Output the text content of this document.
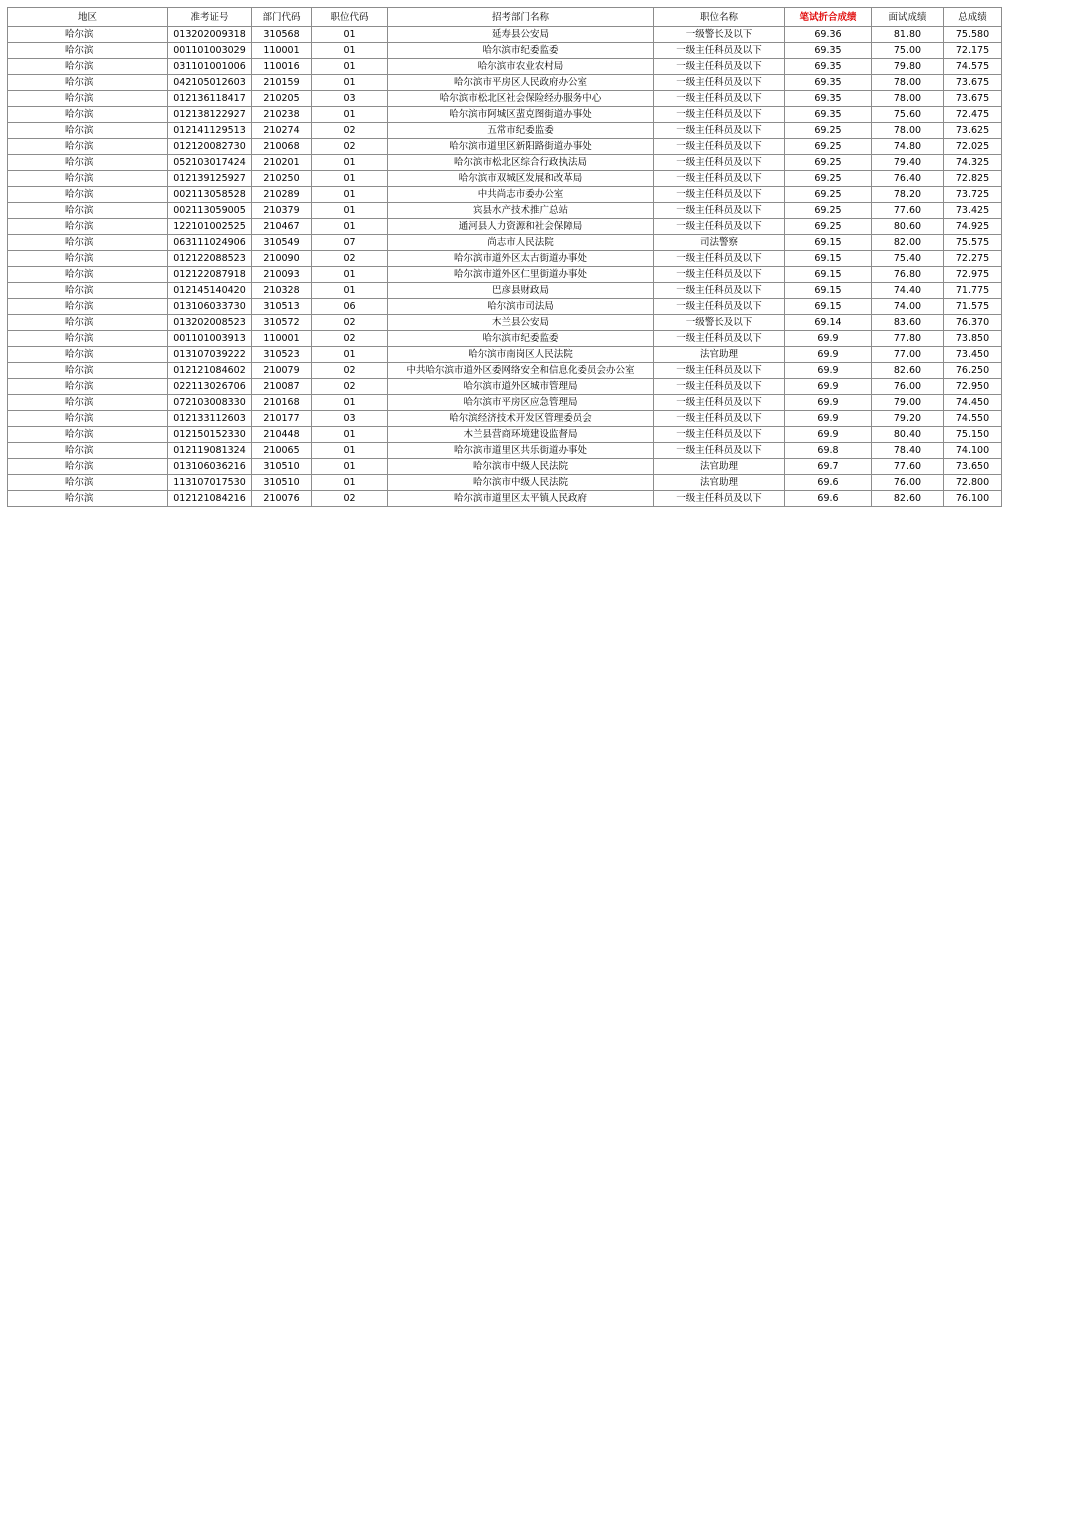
地区	准考证号	部门代码	职位代码	招考部门名称	职位名称	笔试折合成绩	面试成绩	总成绩
哈尔滨	013202009318	310568	01	延寿县公安局	一级警长及以下	69.36	81.80	75.580
哈尔滨	001101003029	110001	01	哈尔滨市纪委监委	一级主任科员及以下	69.35	75.00	72.175
哈尔滨	031101001006	110016	01	哈尔滨市农业农村局	一级主任科员及以下	69.35	79.80	74.575
哈尔滨	042105012603	210159	01	哈尔滨市平房区人民政府办公室	一级主任科员及以下	69.35	78.00	73.675
哈尔滨	012136118417	210205	03	哈尔滨市松北区社会保险经办服务中心	一级主任科员及以下	69.35	78.00	73.675
哈尔滨	012138122927	210238	01	哈尔滨市阿城区蜚克图街道办事处	一级主任科员及以下	69.35	75.60	72.475
哈尔滨	012141129513	210274	02	五常市纪委监委	一级主任科员及以下	69.25	78.00	73.625
哈尔滨	012120082730	210068	02	哈尔滨市道里区新阳路街道办事处	一级主任科员及以下	69.25	74.80	72.025
哈尔滨	052103017424	210201	01	哈尔滨市松北区综合行政执法局	一级主任科员及以下	69.25	79.40	74.325
哈尔滨	012139125927	210250	01	哈尔滨市双城区发展和改革局	一级主任科员及以下	69.25	76.40	72.825
哈尔滨	002113058528	210289	01	中共尚志市委办公室	一级主任科员及以下	69.25	78.20	73.725
哈尔滨	002113059005	210379	01	宾县水产技术推广总站	一级主任科员及以下	69.25	77.60	73.425
哈尔滨	122101002525	210467	01	通河县人力资源和社会保障局	一级主任科员及以下	69.25	80.60	74.925
哈尔滨	063111024906	310549	07	尚志市人民法院	司法警察	69.15	82.00	75.575
哈尔滨	012122088523	210090	02	哈尔滨市道外区太古街道办事处	一级主任科员及以下	69.15	75.40	72.275
哈尔滨	012122087918	210093	01	哈尔滨市道外区仁里街道办事处	一级主任科员及以下	69.15	76.80	72.975
哈尔滨	012145140420	210328	01	巴彦县财政局	一级主任科员及以下	69.15	74.40	71.775
哈尔滨	013106033730	310513	06	哈尔滨市司法局	一级主任科员及以下	69.15	74.00	71.575
哈尔滨	013202008523	310572	02	木兰县公安局	一级警长及以下	69.14	83.60	76.370
哈尔滨	001101003913	110001	02	哈尔滨市纪委监委	一级主任科员及以下	69.9	77.80	73.850
哈尔滨	013107039222	310523	01	哈尔滨市南岗区人民法院	法官助理	69.9	77.00	73.450
哈尔滨	012121084602	210079	02	中共哈尔滨市道外区委网络安全和信息化委员会办公室	一级主任科员及以下	69.9	82.60	76.250
哈尔滨	022113026706	210087	02	哈尔滨市道外区城市管理局	一级主任科员及以下	69.9	76.00	72.950
哈尔滨	072103008330	210168	01	哈尔滨市平房区应急管理局	一级主任科员及以下	69.9	79.00	74.450
哈尔滨	012133112603	210177	03	哈尔滨经济技术开发区管理委员会	一级主任科员及以下	69.9	79.20	74.550
哈尔滨	012150152330	210448	01	木兰县营商环境建设监督局	一级主任科员及以下	69.9	80.40	75.150
哈尔滨	012119081324	210065	01	哈尔滨市道里区共乐街道办事处	一级主任科员及以下	69.8	78.40	74.100
哈尔滨	013106036216	310510	01	哈尔滨市中级人民法院	法官助理	69.7	77.60	73.650
哈尔滨	113107017530	310510	01	哈尔滨市中级人民法院	法官助理	69.6	76.00	72.800
哈尔滨	012121084216	210076	02	哈尔滨市道里区太平镇人民政府	一级主任科员及以下	69.6	82.60	76.100
